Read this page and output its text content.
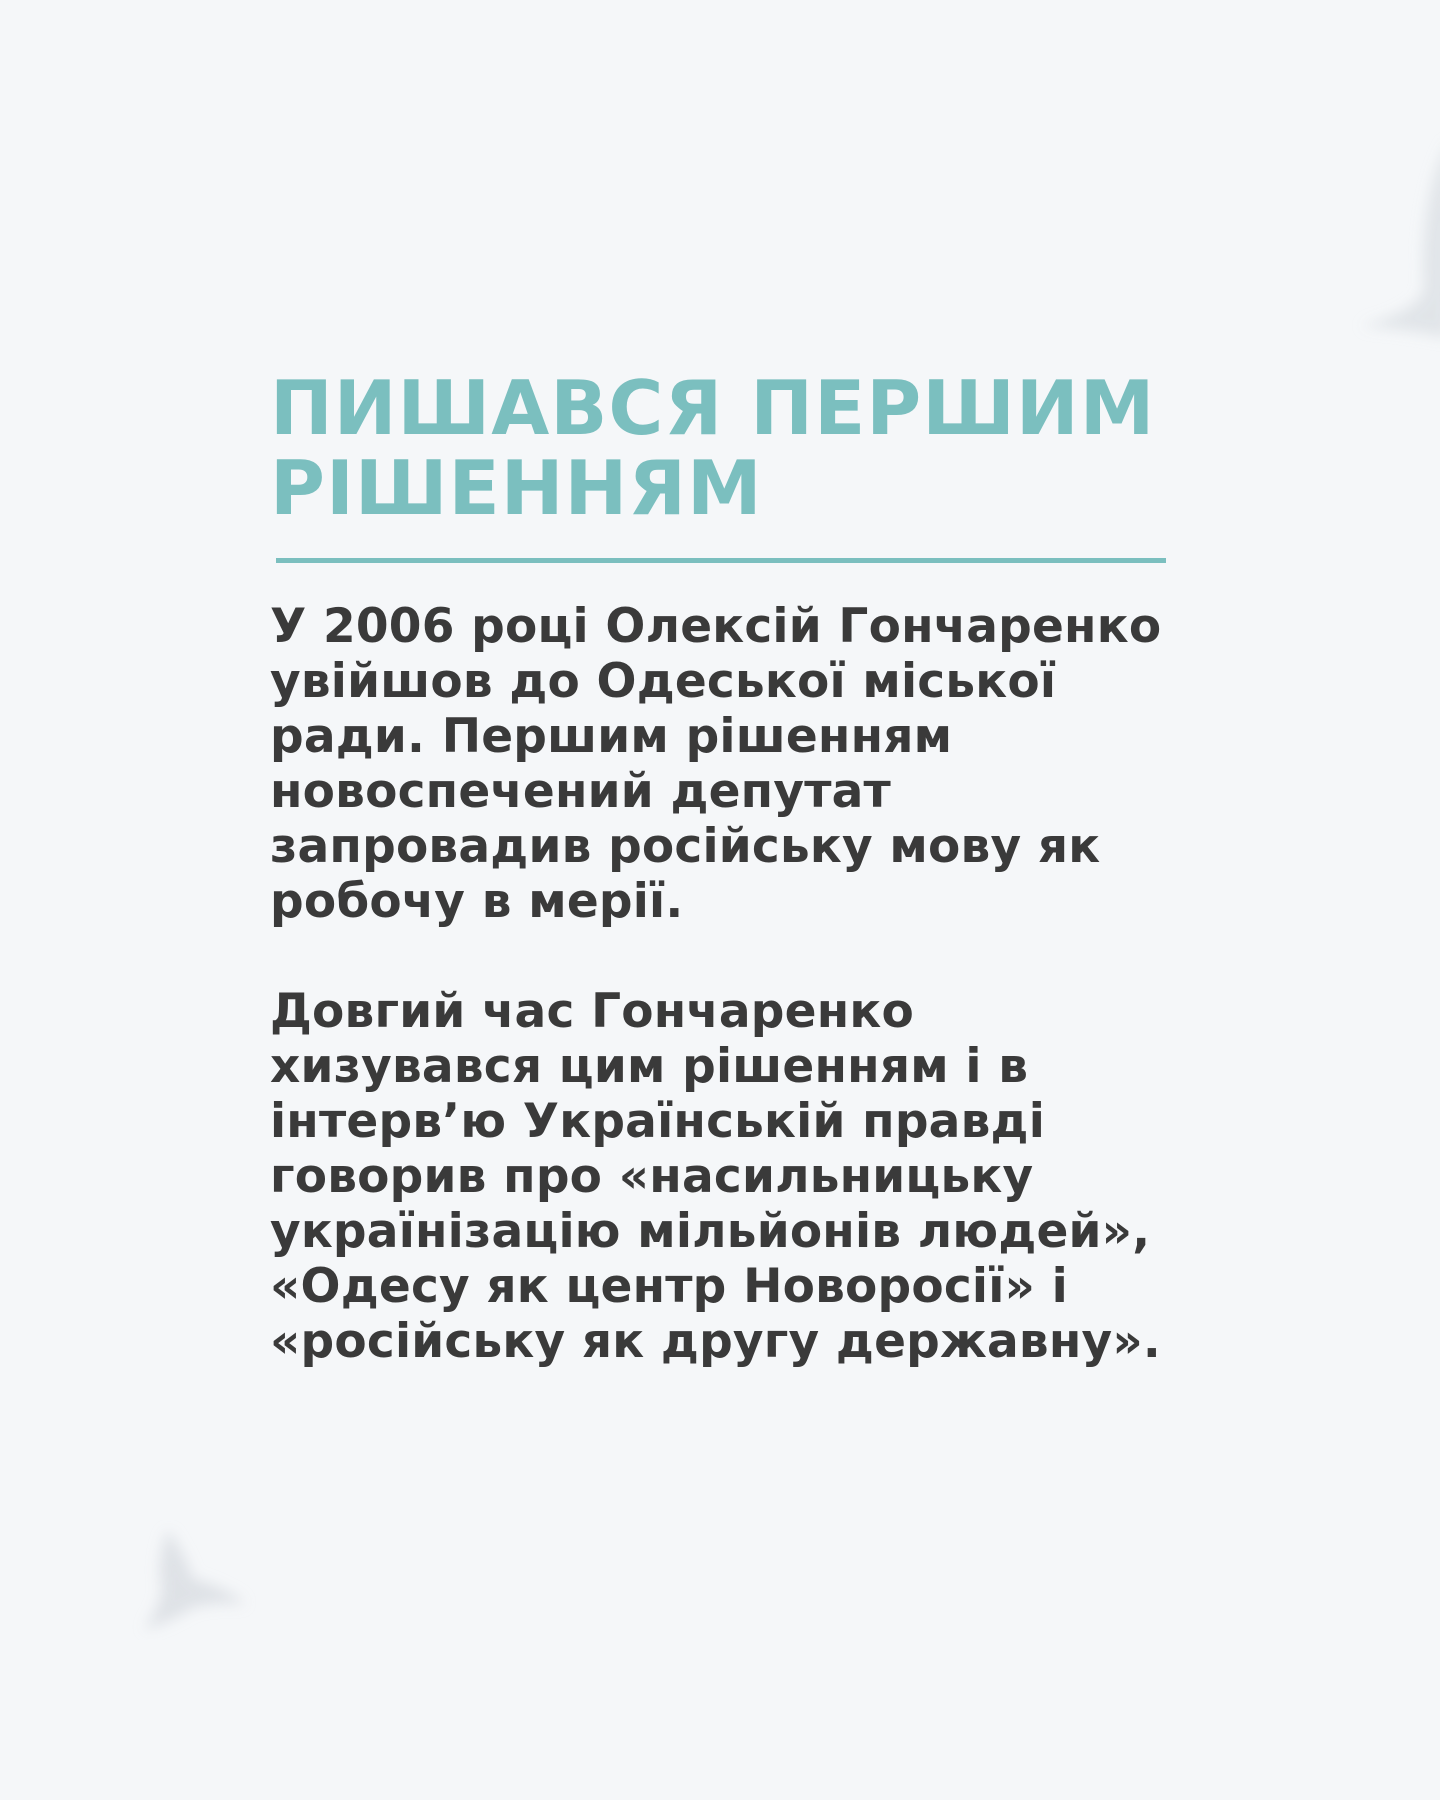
ПИШАВСЯ ПЕРШИМ
РІШЕННЯМ

У 2006 році Олексій Гончаренко увійшов до Одеської міської ради. Першим рішенням новоспечений депутат запровадив російську мову як робочу в мерії.

Довгий час Гончаренко хизувався цим рішенням і в інтерв’ю Українській правді говорив про «насильницьку українізацію мільйонів людей», «Одесу як центр Новоросії» і «російську як другу державну».
